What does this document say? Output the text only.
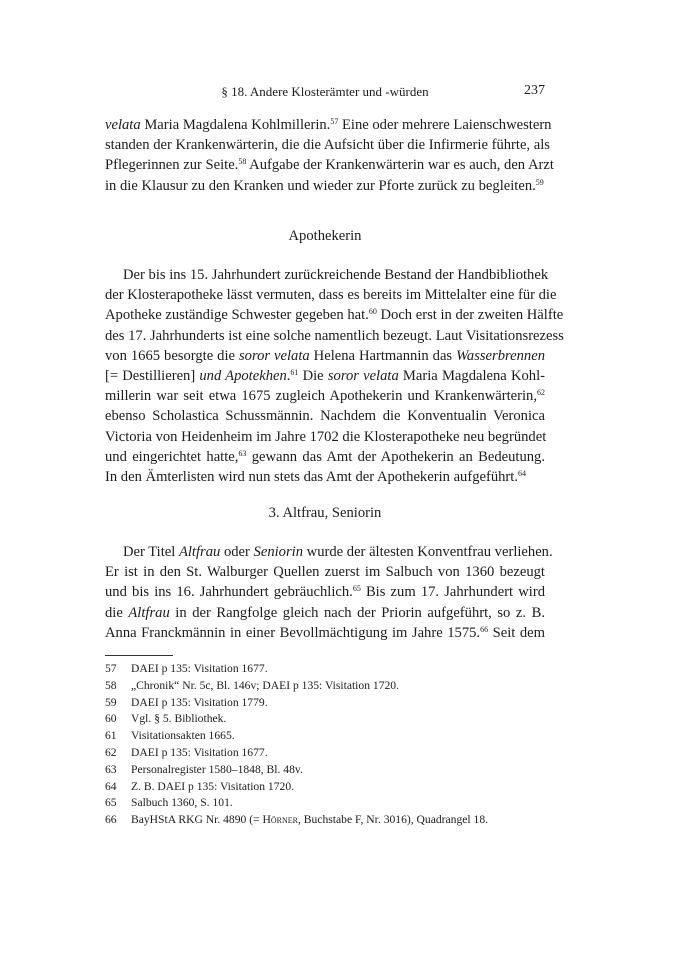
§ 18. Andere Klosterämter und -würden	237
velata Maria Magdalena Kohlmillerin.$^{57}$ Eine oder mehrere Laienschwestern
standen der Krankenwärterin, die die Aufsicht über die Infirmerie führte, als
Pflegerinnen zur Seite.$^{58}$ Aufgabe der Krankenwärterin war es auch, den Arzt
in die Klausur zu den Kranken und wieder zur Pforte zurück zu begleiten.$^{59}$
Apothekerin
Der bis ins 15. Jahrhundert zurückreichende Bestand der Handbibliothek
der Klosterapotheke lässt vermuten, dass es bereits im Mittelalter eine für die
Apotheke zuständige Schwester gegeben hat.$^{60}$ Doch erst in der zweiten Hälfte
des 17. Jahrhunderts ist eine solche namentlich bezeugt. Laut Visitationsrezess
von 1665 besorgte die soror velata Helena Hartmannin das Wasserbrennen
[= Destillieren] und Apotekhen.$^{61}$ Die soror velata Maria Magdalena Kohl-
millerin war seit etwa 1675 zugleich Apothekerin und Krankenwärterin,$^{62}$
ebenso Scholastica Schussmännin. Nachdem die Konventualin Veronica
Victoria von Heidenheim im Jahre 1702 die Klosterapotheke neu begründet
und eingerichtet hatte,$^{63}$ gewann das Amt der Apothekerin an Bedeutung.
In den Ämterlisten wird nun stets das Amt der Apothekerin aufgeführt.$^{64}$
3. Altfrau, Seniorin
Der Titel Altfrau oder Seniorin wurde der ältesten Konventfrau verliehen.
Er ist in den St. Walburger Quellen zuerst im Salbuch von 1360 bezeugt
und bis ins 16. Jahrhundert gebräuchlich.$^{65}$ Bis zum 17. Jahrhundert wird
die Altfrau in der Rangfolge gleich nach der Priorin aufgeführt, so z. B.
Anna Franckmännin in einer Bevollmächtigung im Jahre 1575.66 Seit dem
57 DAEI p 135: Visitation 1677.
58 „Chronik“ Nr. 5c, Bl. 146v; DAEI p 135: Visitation 1720.
59 DAEI p 135: Visitation 1779.
60 Vgl. § 5. Bibliothek.
61 Visitationsakten 1665.
62 DAEI p 135: Visitation 1677.
63 Personalregister 1580–1848, Bl. 48v.
64 Z. B. DAEI p 135: Visitation 1720.
65 Salbuch 1360, S. 101.
66 BayHStA RKG Nr. 4890 (= Hörner, Buchstabe F, Nr. 3016), Quadrangel 18.
